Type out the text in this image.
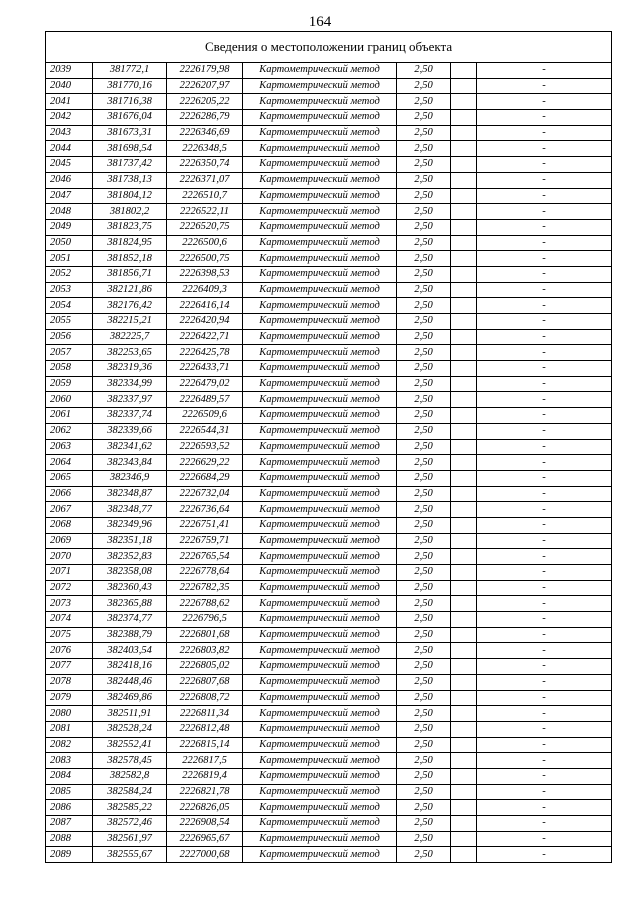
164
Сведения о местоположении границ объекта						
2039	381772,1	2226179,98	Картометрический метод	2,50		-
2040	381770,16	2226207,97	Картометрический метод	2,50		-
2041	381716,38	2226205,22	Картометрический метод	2,50		-
2042	381676,04	2226286,79	Картометрический метод	2,50		-
2043	381673,31	2226346,69	Картометрический метод	2,50		-
2044	381698,54	2226348,5	Картометрический метод	2,50		-
2045	381737,42	2226350,74	Картометрический метод	2,50		-
2046	381738,13	2226371,07	Картометрический метод	2,50		-
2047	381804,12	2226510,7	Картометрический метод	2,50		-
2048	381802,2	2226522,11	Картометрический метод	2,50		-
2049	381823,75	2226520,75	Картометрический метод	2,50		-
2050	381824,95	2226500,6	Картометрический метод	2,50		-
2051	381852,18	2226500,75	Картометрический метод	2,50		-
2052	381856,71	2226398,53	Картометрический метод	2,50		-
2053	382121,86	2226409,3	Картометрический метод	2,50		-
2054	382176,42	2226416,14	Картометрический метод	2,50		-
2055	382215,21	2226420,94	Картометрический метод	2,50		-
2056	382225,7	2226422,71	Картометрический метод	2,50		-
2057	382253,65	2226425,78	Картометрический метод	2,50		-
2058	382319,36	2226433,71	Картометрический метод	2,50		-
2059	382334,99	2226479,02	Картометрический метод	2,50		-
2060	382337,97	2226489,57	Картометрический метод	2,50		-
2061	382337,74	2226509,6	Картометрический метод	2,50		-
2062	382339,66	2226544,31	Картометрический метод	2,50		-
2063	382341,62	2226593,52	Картометрический метод	2,50		-
2064	382343,84	2226629,22	Картометрический метод	2,50		-
2065	382346,9	2226684,29	Картометрический метод	2,50		-
2066	382348,87	2226732,04	Картометрический метод	2,50		-
2067	382348,77	2226736,64	Картометрический метод	2,50		-
2068	382349,96	2226751,41	Картометрический метод	2,50		-
2069	382351,18	2226759,71	Картометрический метод	2,50		-
2070	382352,83	2226765,54	Картометрический метод	2,50		-
2071	382358,08	2226778,64	Картометрический метод	2,50		-
2072	382360,43	2226782,35	Картометрический метод	2,50		-
2073	382365,88	2226788,62	Картометрический метод	2,50		-
2074	382374,77	2226796,5	Картометрический метод	2,50		-
2075	382388,79	2226801,68	Картометрический метод	2,50		-
2076	382403,54	2226803,82	Картометрический метод	2,50		-
2077	382418,16	2226805,02	Картометрический метод	2,50		-
2078	382448,46	2226807,68	Картометрический метод	2,50		-
2079	382469,86	2226808,72	Картометрический метод	2,50		-
2080	382511,91	2226811,34	Картометрический метод	2,50		-
2081	382528,24	2226812,48	Картометрический метод	2,50		-
2082	382552,41	2226815,14	Картометрический метод	2,50		-
2083	382578,45	2226817,5	Картометрический метод	2,50		-
2084	382582,8	2226819,4	Картометрический метод	2,50		-
2085	382584,24	2226821,78	Картометрический метод	2,50		-
2086	382585,22	2226826,05	Картометрический метод	2,50		-
2087	382572,46	2226908,54	Картометрический метод	2,50		-
2088	382561,97	2226965,67	Картометрический метод	2,50		-
2089	382555,67	2227000,68	Картометрический метод	2,50		-
